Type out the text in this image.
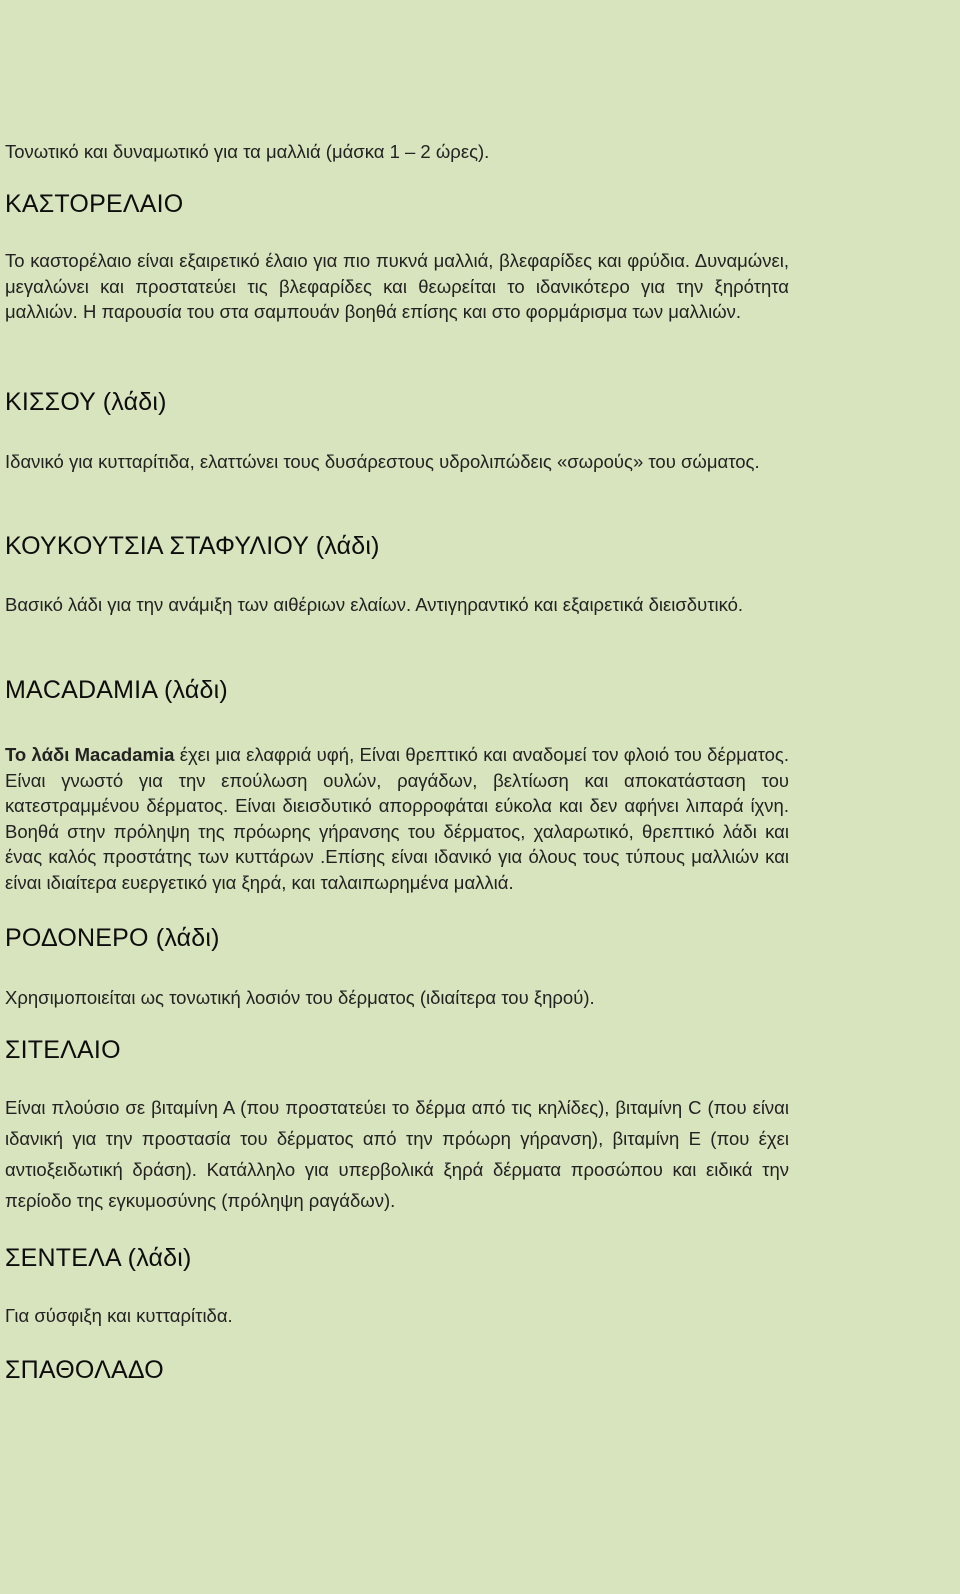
Τονωτικό και δυναμωτικό για τα μαλλιά (μάσκα 1 – 2 ώρες).

ΚΑΣΤΟΡΕΛΑΙΟ

Το καστορέλαιο είναι εξαιρετικό έλαιο για πιο πυκνά μαλλιά, βλεφαρίδες και φρύδια. Δυναμώνει, μεγαλώνει και προστατεύει τις βλεφαρίδες και θεωρείται το ιδανικότερο για την ξηρότητα μαλλιών. Η παρουσία του στα σαμπουάν βοηθά επίσης και στο φορμάρισμα των μαλλιών.

ΚΙΣΣΟΥ (λάδι)

Ιδανικό για κυτταρίτιδα, ελαττώνει τους δυσάρεστους υδρολιπώδεις «σωρούς» του σώματος.

ΚΟΥΚΟΥΤΣΙΑ ΣΤΑΦΥΛΙΟΥ (λάδι)

Βασικό λάδι για την ανάμιξη των αιθέριων ελαίων. Αντιγηραντικό και εξαιρετικά διεισδυτικό.

MACADAMIA (λάδι)

Το λάδι Macadamia έχει μια ελαφριά υφή, Είναι θρεπτικό και αναδομεί τον φλοιό του δέρματος. Είναι γνωστό για την επούλωση ουλών, ραγάδων, βελτίωση και αποκατάσταση του κατεστραμμένου δέρματος. Είναι διεισδυτικό απορροφάται εύκολα και δεν αφήνει λιπαρά ίχνη. Βοηθά στην πρόληψη της πρόωρης γήρανσης του δέρματος, χαλαρωτικό, θρεπτικό λάδι και ένας καλός προστάτης των κυττάρων .Επίσης είναι ιδανικό για όλους τους τύπους μαλλιών και είναι ιδιαίτερα ευεργετικό για ξηρά, και ταλαιπωρημένα μαλλιά.

ΡΟΔΟΝΕΡΟ (λάδι)

Χρησιμοποιείται ως τονωτική λοσιόν του δέρματος (ιδιαίτερα του ξηρού).

ΣΙΤΕΛΑΙΟ

Είναι πλούσιο σε βιταμίνη Α (που προστατεύει το δέρμα από τις κηλίδες), βιταμίνη C (που είναι ιδανική για την προστασία του δέρματος από την πρόωρη γήρανση), βιταμίνη Ε (που έχει αντιοξειδωτική δράση). Κατάλληλο για υπερβολικά ξηρά δέρματα προσώπου και ειδικά την περίοδο της εγκυμοσύνης (πρόληψη ραγάδων).

ΣΕΝΤΕΛΑ (λάδι)

Για σύσφιξη και κυτταρίτιδα.

ΣΠΑΘΟΛΑΔΟ
